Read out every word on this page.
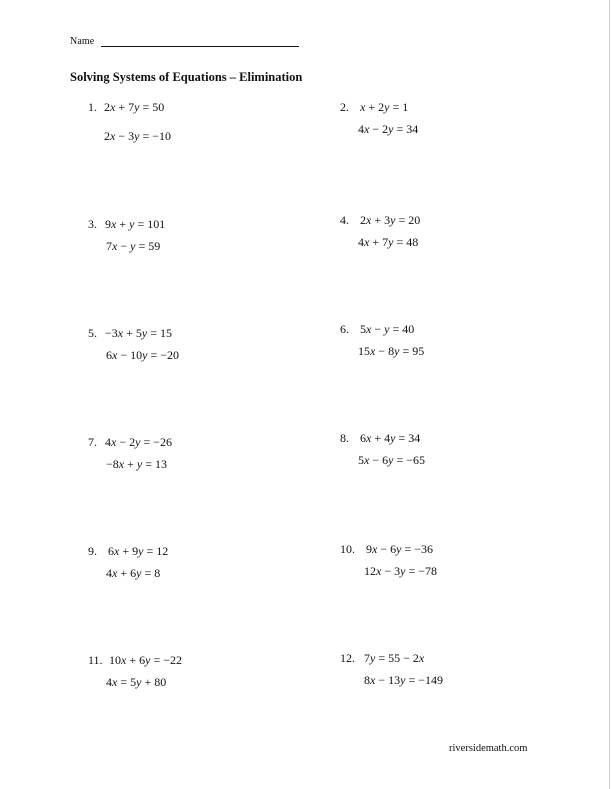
Name
Solving Systems of Equations – Elimination
1. 2x + 7y = 50
2x − 3y = −10
2. x + 2y = 1
4x − 2y = 34
3. 9x + y = 101
7x − y = 59
4. 2x + 3y = 20
4x + 7y = 48
5. −3x + 5y = 15
6x − 10y = −20
6. 5x − y = 40
15x − 8y = 95
7. 4x − 2y = −26
−8x + y = 13
8. 6x + 4y = 34
5x − 6y = −65
9. 6x + 9y = 12
4x + 6y = 8
10. 9x − 6y = −36
12x − 3y = −78
11. 10x + 6y = −22
4x = 5y + 80
12. 7y = 55 − 2x
8x − 13y = −149
riversidemath.com
